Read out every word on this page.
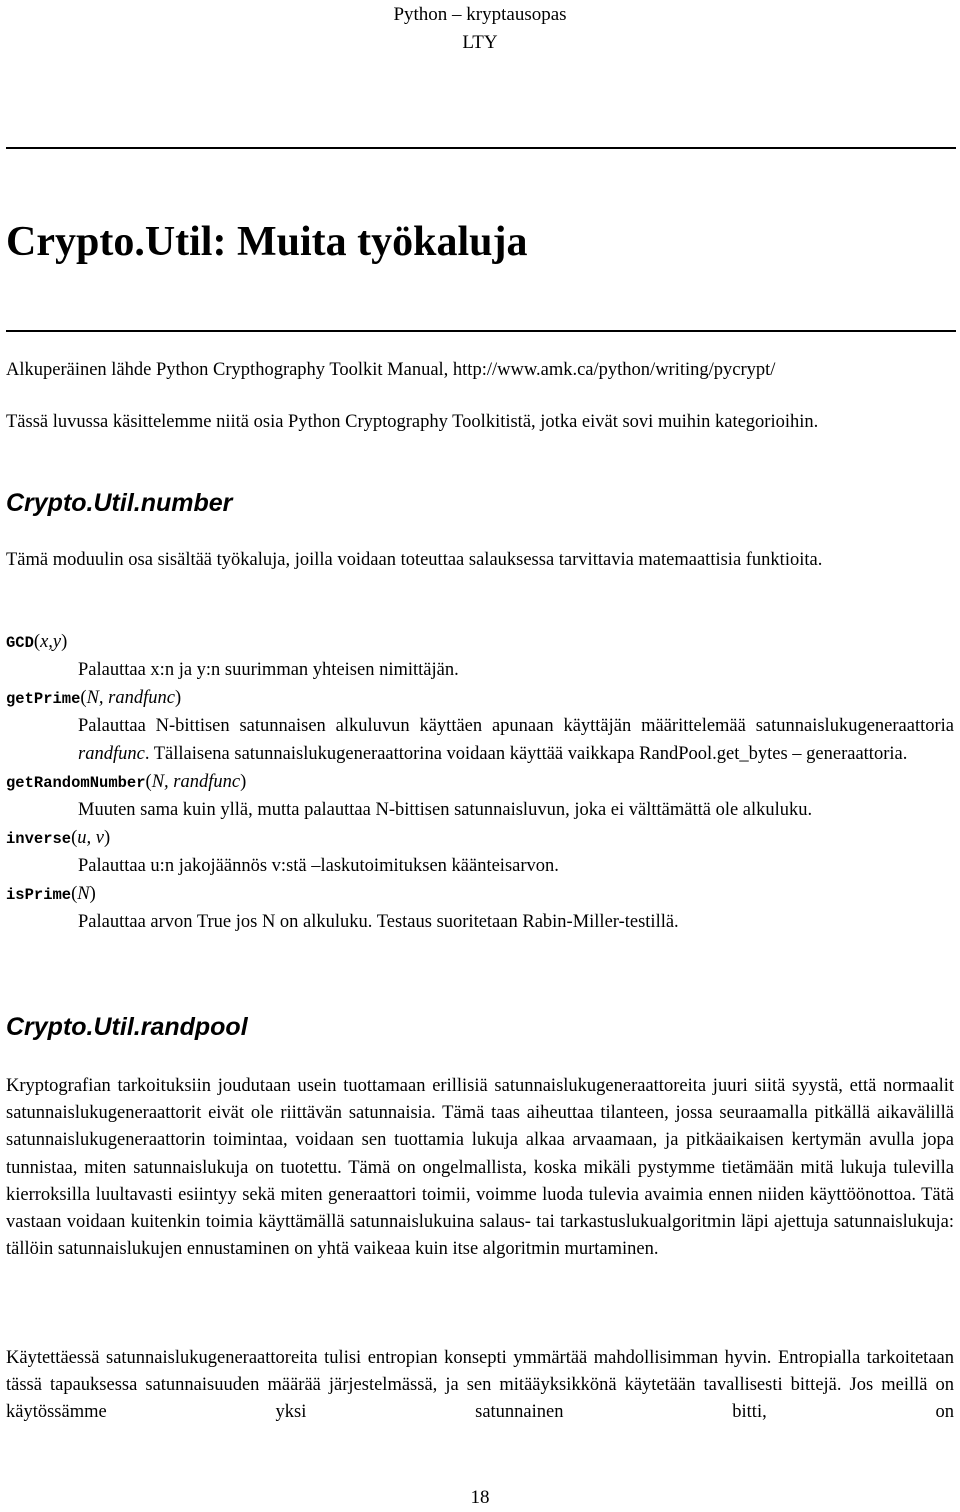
Python – kryptausopas
LTY
Crypto.Util: Muita työkaluja
Alkuperäinen lähde Python Crypthography Toolkit Manual, http://www.amk.ca/python/writing/pycrypt/
Tässä luvussa käsittelemme niitä osia Python Cryptography Toolkitistä, jotka eivät sovi muihin kategorioihin.
Crypto.Util.number
Tämä moduulin osa sisältää työkaluja, joilla voidaan toteuttaa salauksessa tarvittavia matemaattisia funktioita.
GCD(x,y)
Palauttaa x:n ja y:n suurimman yhteisen nimittäjän.
getPrime(N, randfunc)
Palauttaa N-bittisen satunnaisen alkuluvun käyttäen apunaan käyttäjän määrittelemää satunnaislukugeneraattoria randfunc. Tällaisena satunnaislukugeneraattorina voidaan käyttää vaikkapa RandPool.get_bytes – generaattoria.
getRandomNumber(N, randfunc)
Muuten sama kuin yllä, mutta palauttaa N-bittisen satunnaisluvun, joka ei välttämättä ole alkuluku.
inverse(u, v)
Palauttaa u:n jakojäännös v:stä –laskutoimituksen käänteisarvon.
isPrime(N)
Palauttaa arvon True jos N on alkuluku. Testaus suoritetaan Rabin-Miller-testillä.
Crypto.Util.randpool
Kryptografian tarkoituksiin joudutaan usein tuottamaan erillisiä satunnaislukugeneraattoreita juuri siitä syystä, että normaalit satunnaislukugeneraattorit eivät ole riittävän satunnaisia. Tämä taas aiheuttaa tilanteen, jossa seuraamalla pitkällä aikavälillä satunnaislukugeneraattorin toimintaa, voidaan sen tuottamia lukuja alkaa arvaamaan, ja pitkäaikaisen kertymän avulla jopa tunnistaa, miten satunnaislukuja on tuotettu. Tämä on ongelmallista, koska mikäli pystymme tietämään mitä lukuja tulevilla kierroksilla luultavasti esiintyy sekä miten generaattori toimii, voimme luoda tulevia avaimia ennen niiden käyttöönottoa. Tätä vastaan voidaan kuitenkin toimia käyttämällä satunnaislukuina salaus- tai tarkastuslukualgoritmin läpi ajettuja satunnaislukuja: tällöin satunnaislukujen ennustaminen on yhtä vaikeaa kuin itse algoritmin murtaminen.
Käytettäessä satunnaislukugeneraattoreita tulisi entropian konsepti ymmärtää mahdollisimman hyvin. Entropialla tarkoitetaan tässä tapauksessa satunnaisuuden määrää järjestelmässä, ja sen mitääyksikkönä käytetään tavallisesti bittejä. Jos meillä on käytössämme yksi satunnainen bitti, on
18
